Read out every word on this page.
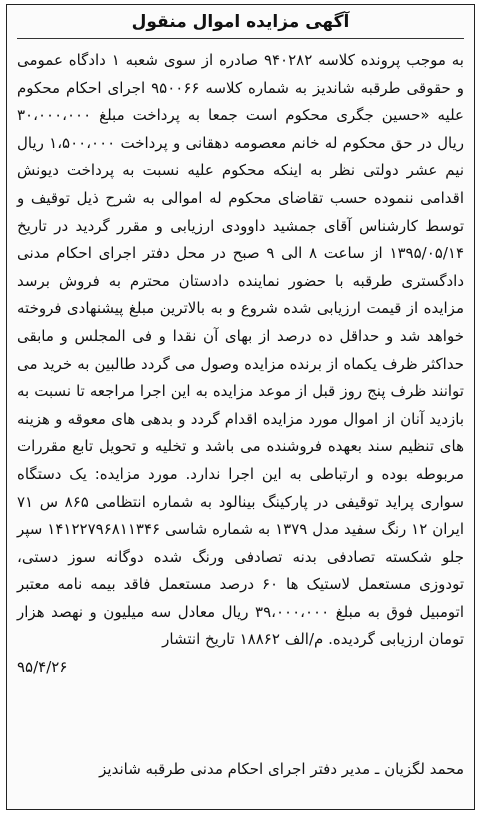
آگهی مزایده اموال منقول

به موجب پرونده کلاسه ۹۴۰۲۸۲ صادره از سوی شعبه ۱ دادگاه عمومی و حقوقی طرقبه شاندیز به شماره کلاسه ۹۵۰۰۶۶ اجرای احکام محکوم علیه «حسین جگری محکوم است جمعا به پرداخت مبلغ ۳۰،۰۰۰،۰۰۰ ریال در حق محکوم له خانم معصومه دهقانی و پرداخت ۱،۵۰۰،۰۰۰ ریال نیم عشر دولتی نظر به اینکه محکوم علیه نسبت به پرداخت دیونش اقدامی ننموده حسب تقاضای محکوم له اموالی به شرح ذیل توقیف و توسط کارشناس آقای جمشید داوودی ارزیابی و مقرر گردید در تاریخ ۱۳۹۵/۰۵/۱۴ از ساعت ۸ الی ۹ صبح در محل دفتر اجرای احکام مدنی دادگستری طرقبه با حضور نماینده دادستان محترم به فروش برسد مزایده از قیمت ارزیابی شده شروع و به بالاترین مبلغ پیشنهادی فروخته خواهد شد و حداقل ده درصد از بهای آن نقدا و فی المجلس و مابقی حداکثر ظرف یکماه از برنده مزایده وصول می گردد طالبین به خرید می توانند ظرف پنج روز قبل از موعد مزایده به این اجرا مراجعه تا نسبت به بازدید آنان از اموال مورد مزایده اقدام گردد و بدهی های معوقه و هزینه های تنظیم سند بعهده فروشنده می باشد و تخلیه و تحویل تابع مقررات مربوطه بوده و ارتباطی به این اجرا ندارد. مورد مزایده: یک دستگاه سواری پراید توقیفی در پارکینگ بینالود به شماره انتظامی ۸۶۵ س ۷۱ ایران ۱۲ رنگ سفید مدل ۱۳۷۹ به شماره شاسی ۱۴۱۲۲۷۹۶۸۱۱۳۴۶ سپر جلو شکسته تصادفی بدنه تصادفی ورنگ شده دوگانه سوز دستی، تودوزی مستعمل لاستیک ها ۶۰ درصد مستعمل فاقد بیمه نامه معتبر اتومبیل فوق به مبلغ ۳۹،۰۰۰،۰۰۰ ریال معادل سه میلیون و نهصد هزار تومان ارزیابی گردیده. م/الف ۱۸۸۶۲ تاریخ انتشار

۹۵/۴/۲۶

محمد لگزیان ـ مدیر دفتر اجرای احکام مدنی طرقبه شاندیز
